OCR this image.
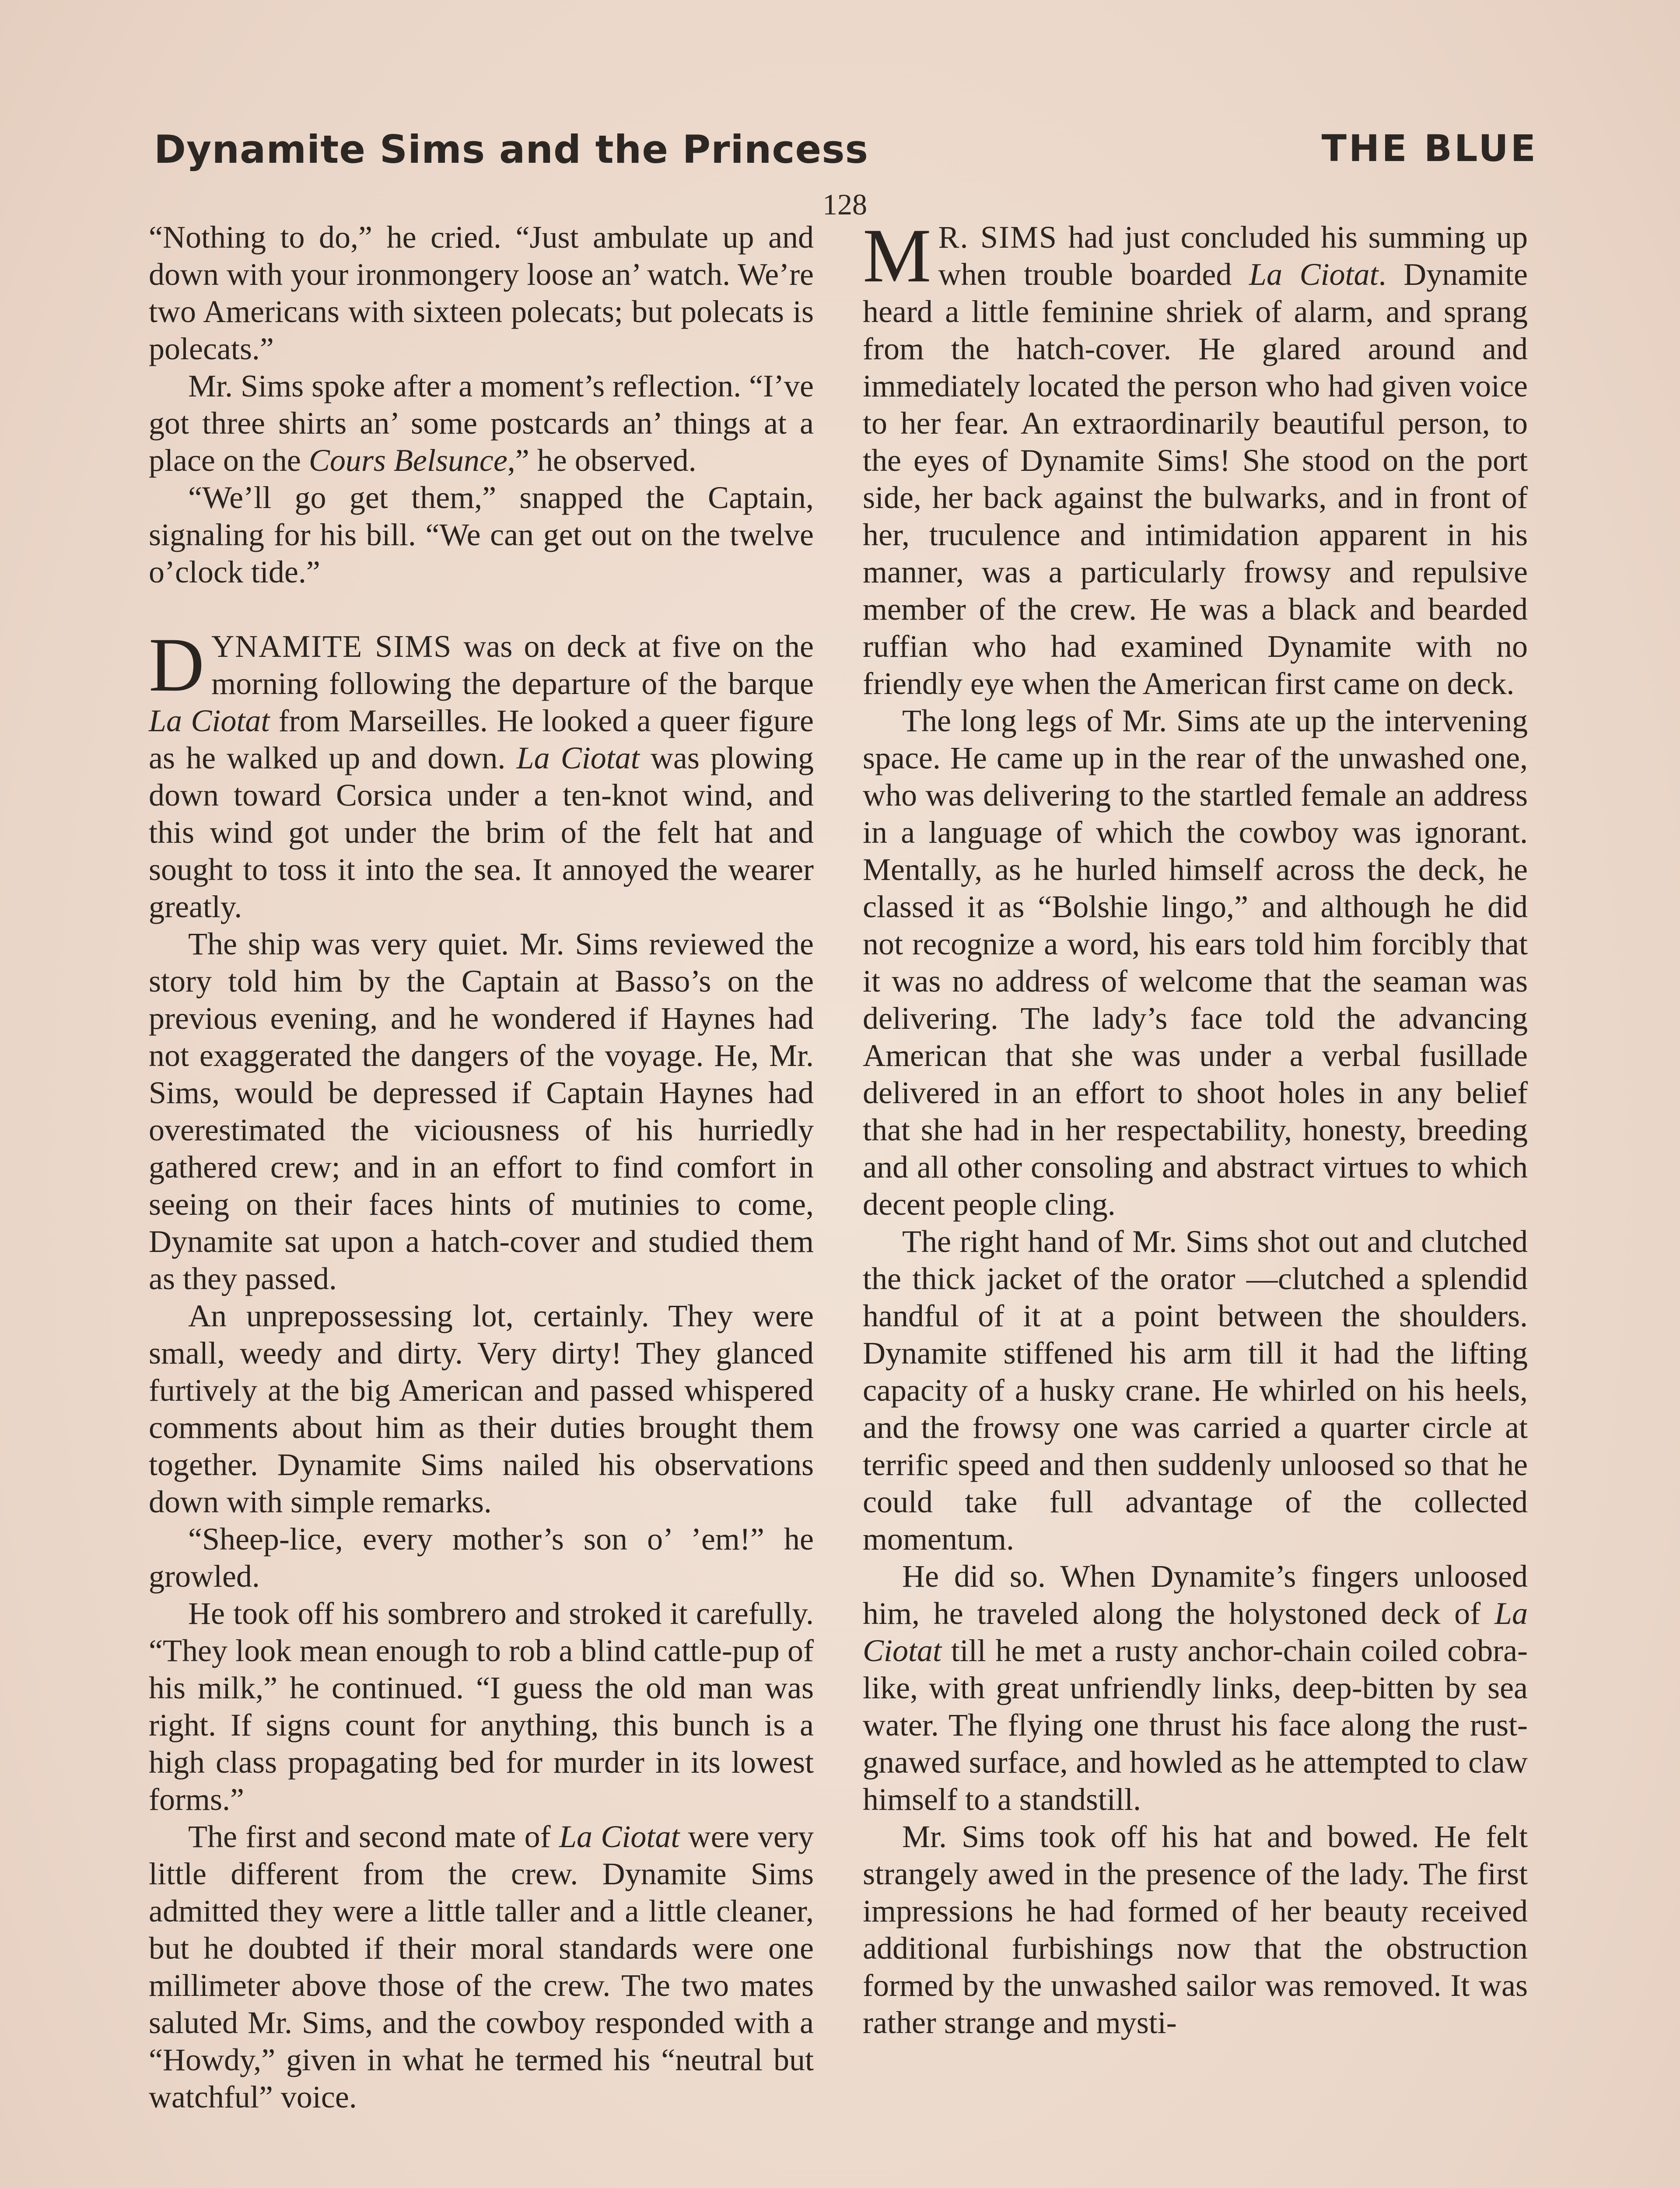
Dynamite Sims and the Princess	THE BLUE
128

“Nothing to do,” he cried. “Just ambulate up and down with your ironmongery loose an’ watch. We’re two Americans with sixteen polecats; but polecats is polecats.”

Mr. Sims spoke after a moment’s reflection. “I’ve got three shirts an’ some postcards an’ things at a place on the Cours Belsunce,” he observed.

“We’ll go get them,” snapped the Captain, signaling for his bill. “We can get out on the twelve o’clock tide.”

DYNAMITE SIMS was on deck at five on the morning following the departure of the barque La Ciotat from Marseilles. He looked a queer figure as he walked up and down. La Ciotat was plowing down toward Corsica under a ten-knot wind, and this wind got under the brim of the felt hat and sought to toss it into the sea. It annoyed the wearer greatly.

The ship was very quiet. Mr. Sims reviewed the story told him by the Captain at Basso’s on the previous evening, and he wondered if Haynes had not exaggerated the dangers of the voyage. He, Mr. Sims, would be depressed if Captain Haynes had overestimated the viciousness of his hurriedly gathered crew; and in an effort to find comfort in seeing on their faces hints of mutinies to come, Dynamite sat upon a hatch-cover and studied them as they passed.

An unprepossessing lot, certainly. They were small, weedy and dirty. Very dirty! They glanced furtively at the big American and passed whispered comments about him as their duties brought them together. Dynamite Sims nailed his observations down with simple remarks.

“Sheep-lice, every mother’s son o’ ’em!” he growled.

He took off his sombrero and stroked it carefully. “They look mean enough to rob a blind cattle-pup of his milk,” he continued. “I guess the old man was right. If signs count for anything, this bunch is a high class propagating bed for murder in its lowest forms.”

The first and second mate of La Ciotat were very little different from the crew. Dynamite Sims admitted they were a little taller and a little cleaner, but he doubted if their moral standards were one millimeter above those of the crew. The two mates saluted Mr. Sims, and the cowboy responded with a “Howdy,” given in what he termed his “neutral but watchful” voice.

M R. SIMS had just concluded his summing up when trouble boarded La Ciotat. Dynamite heard a little feminine shriek of alarm, and sprang from the hatch-cover. He glared around and immediately located the person who had given voice to her fear. An extraordinarily beautiful person, to the eyes of Dynamite Sims! She stood on the port side, her back against the bulwarks, and in front of her, truculence and intimidation apparent in his manner, was a particularly frowsy and repulsive member of the crew. He was a black and bearded ruffian who had examined Dynamite with no friendly eye when the American first came on deck.

The long legs of Mr. Sims ate up the intervening space. He came up in the rear of the unwashed one, who was delivering to the startled female an address in a language of which the cowboy was ignorant. Mentally, as he hurled himself across the deck, he classed it as “Bolshie lingo,” and although he did not recognize a word, his ears told him forcibly that it was no address of welcome that the seaman was delivering. The lady’s face told the advancing American that she was under a verbal fusillade delivered in an effort to shoot holes in any belief that she had in her respectability, honesty, breeding and all other consoling and abstract virtues to which decent people cling.

The right hand of Mr. Sims shot out and clutched the thick jacket of the orator —clutched a splendid handful of it at a point between the shoulders. Dynamite stiffened his arm till it had the lifting capacity of a husky crane. He whirled on his heels, and the frowsy one was carried a quarter circle at terrific speed and then suddenly unloosed so that he could take full advantage of the collected momentum.

He did so. When Dynamite’s fingers unloosed him, he traveled along the holystoned deck of La Ciotat till he met a rusty anchor-chain coiled cobra-like, with great unfriendly links, deep-bitten by sea water. The flying one thrust his face along the rust-gnawed surface, and howled as he attempted to claw himself to a standstill.

Mr. Sims took off his hat and bowed. He felt strangely awed in the presence of the lady. The first impressions he had formed of her beauty received additional furbishings now that the obstruction formed by the unwashed sailor was removed. It was rather strange and mysti-
